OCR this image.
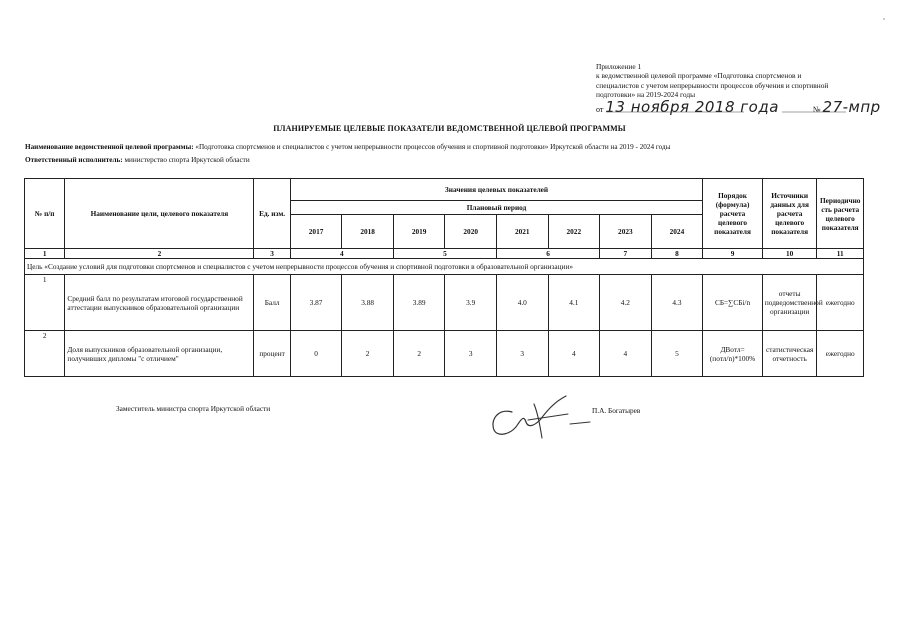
Приложение 1
к ведомственной целевой программе «Подготовка спортсменов и
специалистов с учетом непрерывности процессов обучения и спортивной
подготовки» на 2019-2024 годы
от 13 ноября 2018 года	№ 27-мпр
ПЛАНИРУЕМЫЕ ЦЕЛЕВЫЕ ПОКАЗАТЕЛИ ВЕДОМСТВЕННОЙ ЦЕЛЕВОЙ ПРОГРАММЫ
Наименование ведомственной целевой программы: «Подготовка спортсменов и специалистов с учетом непрерывности процессов обучения и спортивной подготовки» Иркутской области на 2019 - 2024 годы
Ответственный исполнитель: министерство спорта Иркутской области
№ п/п	Наименование цели, целевого показателя	Ед. изм.	Значения целевых показателей								Порядок (формула) расчета целевого показателя	Источники данных для расчета целевого показателя	Периодично сть расчета целевого показателя
			Плановый период										
			2017	2018	2019	2020	2021	2022	2023	2024			
1	2	3	4		5		6		7	8	9	10	11
Цель «Создание условий для подготовки спортсменов и специалистов с учетом непрерывности процессов обучения и спортивной подготовки в образовательной организации»													
1	Средний балл по результатам итоговой государственной аттестации выпускников образовательной организации	Балл	3.87	3.88	3.89	3.9	4.0	4.1	4.2	4.3	СБ=∑СБi/n	отчеты подведомственной организации	ежегодно
2	Доля выпускников образовательной организации, получивших дипломы "с отличием"	процент	0	2	2	3	3	4	4	5	ДВотл= (потл/n)*100%	статистическая отчетность	ежегодно
Заместитель министра спорта Иркутской области	П.А. Богатырев
